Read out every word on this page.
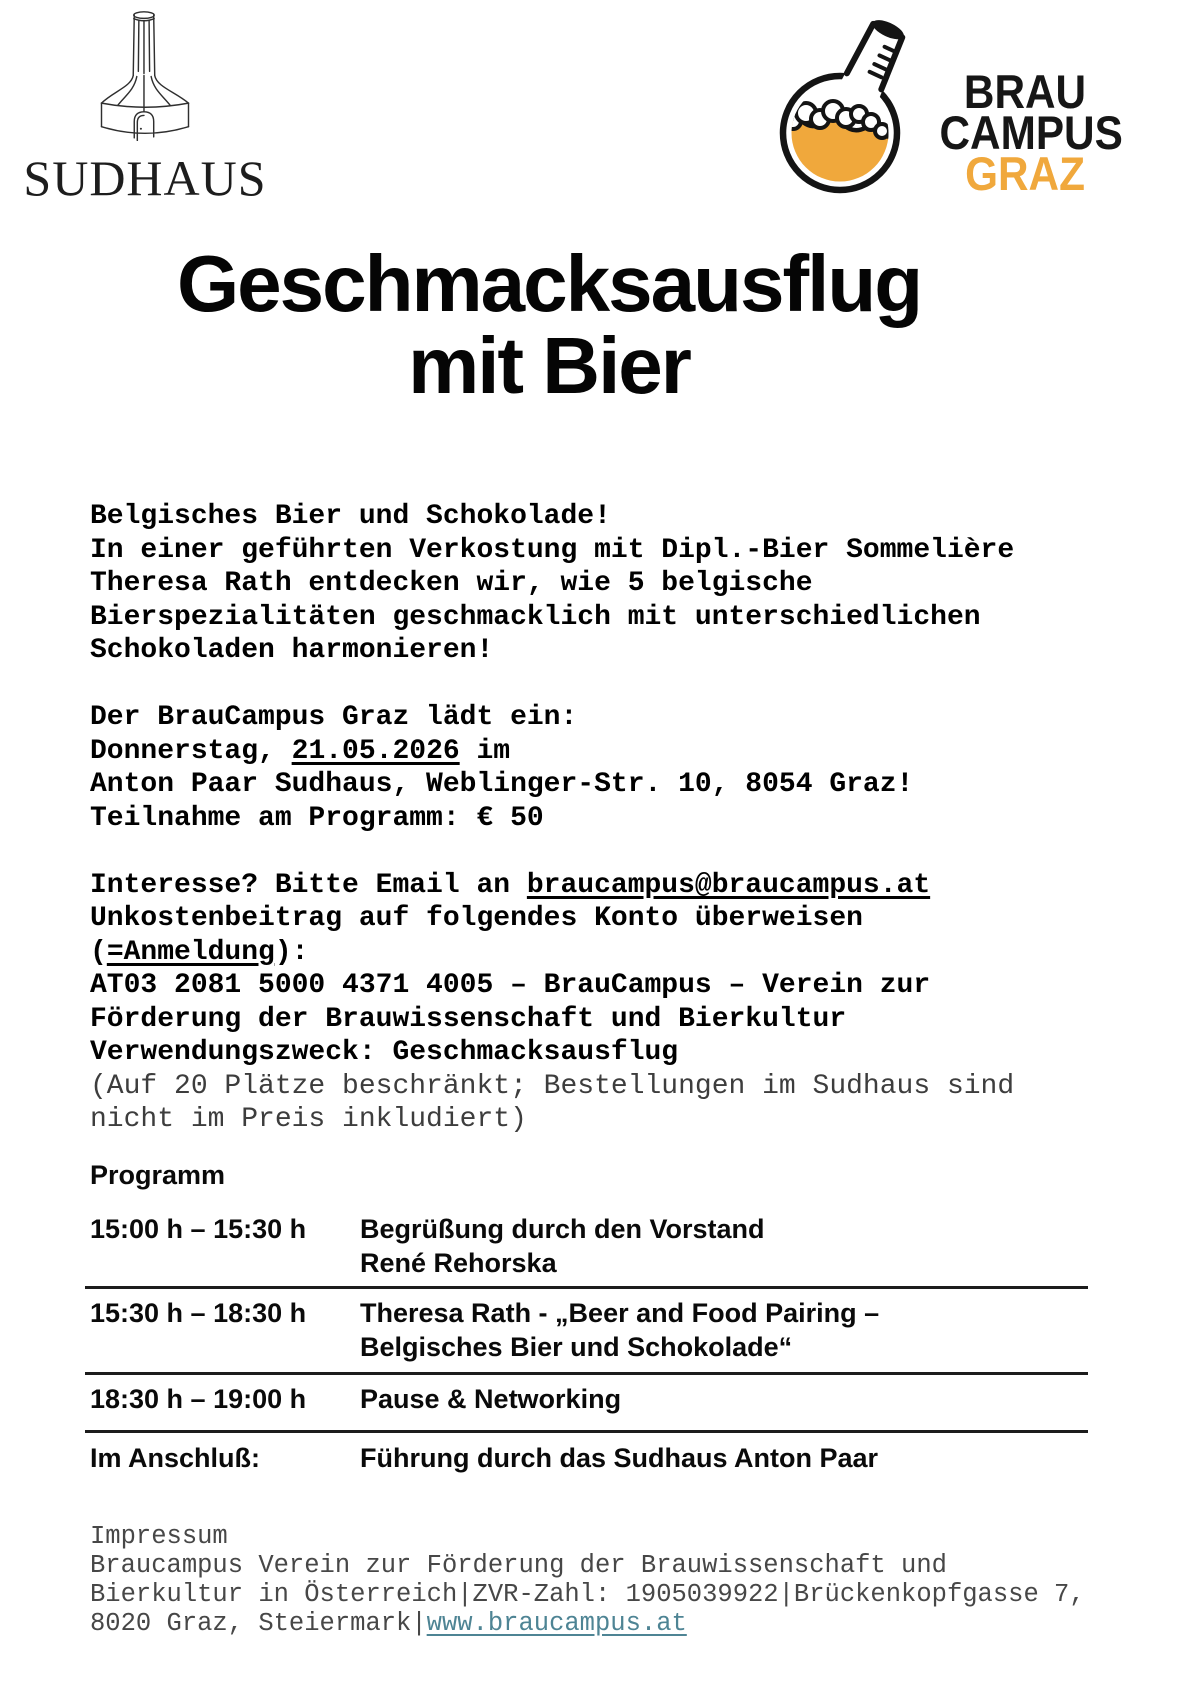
SUDHAUS
BRAU
CAMPUS
GRAZ
Geschmacksausflug
mit Bier
Belgisches Bier und Schokolade!
In einer geführten Verkostung mit Dipl.-Bier Sommelière
Theresa Rath entdecken wir, wie 5 belgische
Bierspezialitäten geschmacklich mit unterschiedlichen
Schokoladen harmonieren!
Der BrauCampus Graz lädt ein:
Donnerstag, 21.05.2026 im
Anton Paar Sudhaus, Weblinger-Str. 10, 8054 Graz!
Teilnahme am Programm: € 50
Interesse? Bitte Email an braucampus@braucampus.at
Unkostenbeitrag auf folgendes Konto überweisen
(=Anmeldung):
AT03 2081 5000 4371 4005 – BrauCampus – Verein zur
Förderung der Brauwissenschaft und Bierkultur
Verwendungszweck: Geschmacksausflug
(Auf 20 Plätze beschränkt; Bestellungen im Sudhaus sind
nicht im Preis inkludiert)
Programm
15:00 h – 15:30 h	Begrüßung durch den Vorstand
René Rehorska
15:30 h – 18:30 h	Theresa Rath - „Beer and Food Pairing –
Belgisches Bier und Schokolade“
18:30 h – 19:00 h	Pause & Networking
Im Anschluß:	Führung durch das Sudhaus Anton Paar
Impressum
Braucampus Verein zur Förderung der Brauwissenschaft und
Bierkultur in Österreich|ZVR-Zahl: 1905039922|Brückenkopfgasse 7,
8020 Graz, Steiermark|www.braucampus.at
